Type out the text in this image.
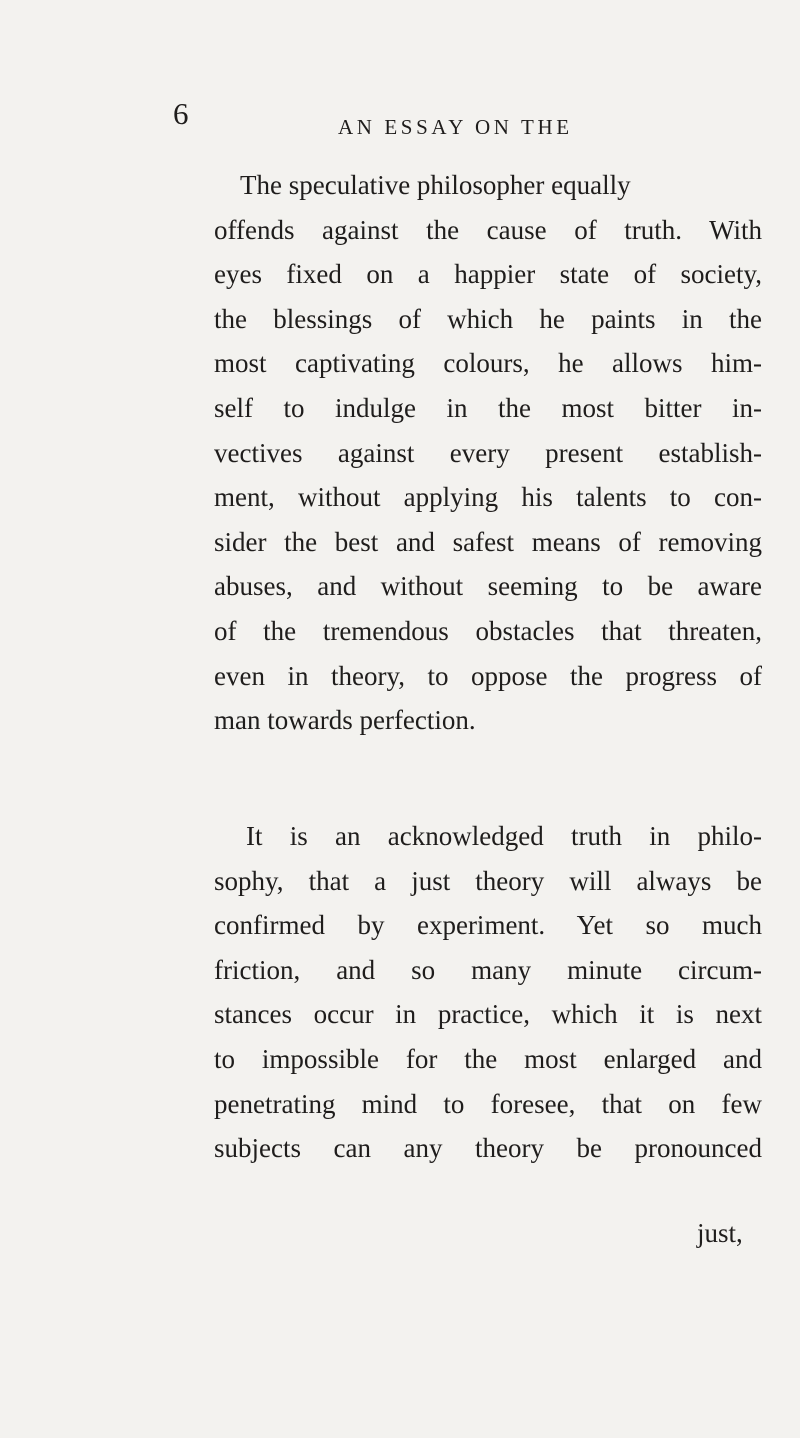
6	AN ESSAY ON THE
The speculative philosopher equally
offends against the cause of truth. With
eyes fixed on a happier state of society,
the blessings of which he paints in the
most captivating colours, he allows him-
self to indulge in the most bitter in-
vectives against every present establish-
ment, without applying his talents to con-
sider the best and safest means of removing
abuses, and without seeming to be aware
of the tremendous obstacles that threaten,
even in theory, to oppose the progress of
man towards perfection.
It is an acknowledged truth in philo-
sophy, that a just theory will always be
confirmed by experiment. Yet so much
friction, and so many minute circum-
stances occur in practice, which it is next
to impossible for the most enlarged and
penetrating mind to foresee, that on few
subjects can any theory be pronounced
just,
